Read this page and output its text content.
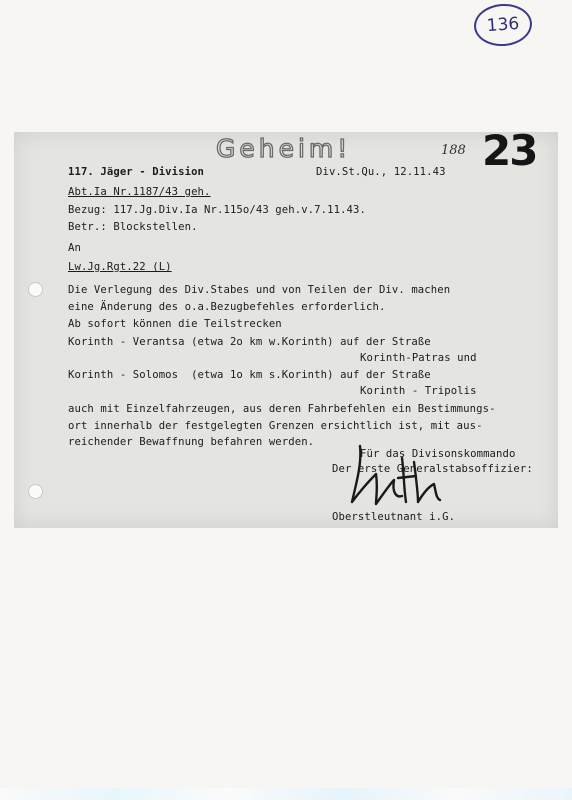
136
Geheim!	188 23
117. Jäger - Division	Div.St.Qu., 12.11.43
Abt.Ia Nr.1187/43 geh.
Bezug: 117.Jg.Div.Ia Nr.115o/43 geh.v.7.11.43.
Betr.: Blockstellen.
An
Lw.Jg.Rgt.22 (L)
Die Verlegung des Div.Stabes und von Teilen der Div. machen
eine Änderung des o.a.Bezugbefehles erforderlich.
Ab sofort können die Teilstrecken
Korinth - Verantsa (etwa 2o km w.Korinth) auf der Straße
Korinth-Patras und
Korinth - Solomos  (etwa 1o km s.Korinth) auf der Straße
Korinth - Tripolis
auch mit Einzelfahrzeugen, aus deren Fahrbefehlen ein Bestimmungs-
ort innerhalb der festgelegten Grenzen ersichtlich ist, mit aus-
reichender Bewaffnung befahren werden.
Für das Divisonskommando
Der erste Generalstabsoffizier:
Oberstleutnant i.G.
